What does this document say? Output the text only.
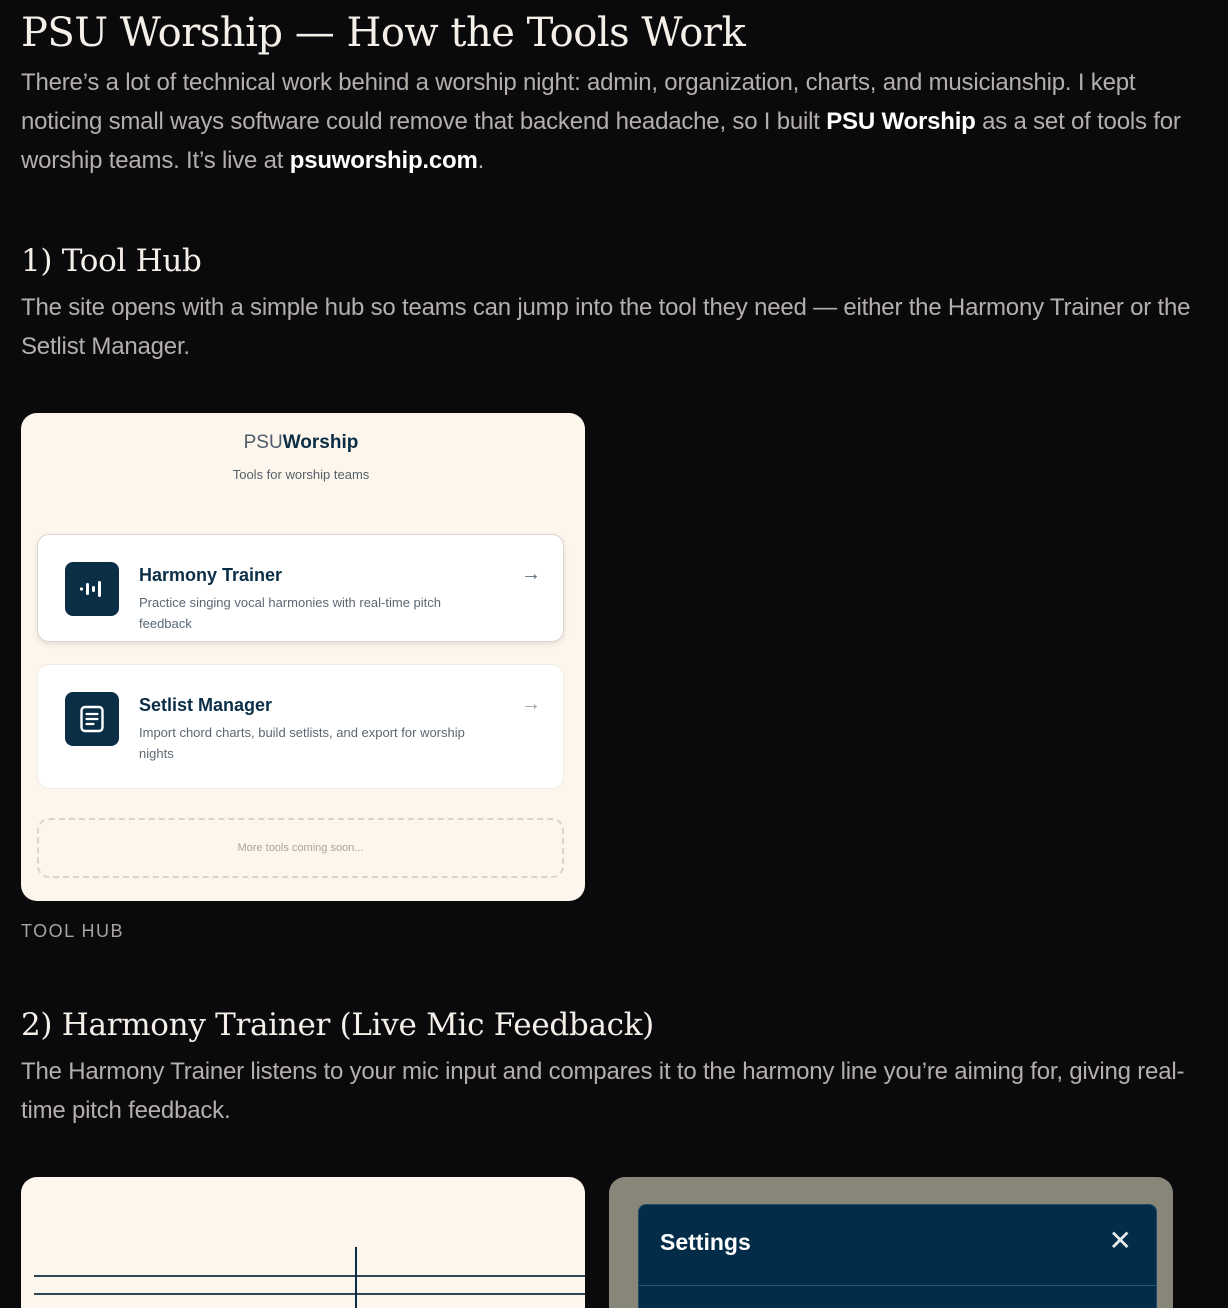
PSU Worship — How the Tools Work

There’s a lot of technical work behind a worship night: admin, organization, charts, and musicianship. I kept noticing small ways software could remove that backend headache, so I built PSU Worship as a set of tools for worship teams. It’s live at psuworship.com.

1) Tool Hub

The site opens with a simple hub so teams can jump into the tool they need — either the Harmony Trainer or the Setlist Manager.

PSUWorship
Tools for worship teams
Harmony Trainer
Practice singing vocal harmonies with real-time pitch feedback
→
Setlist Manager
Import chord charts, build setlists, and export for worship nights
→
More tools coming soon...
TOOL HUB
2) Harmony Trainer (Live Mic Feedback)

The Harmony Trainer listens to your mic input and compares it to the harmony line you’re aiming for, giving real-time pitch feedback.

Settings	✕
